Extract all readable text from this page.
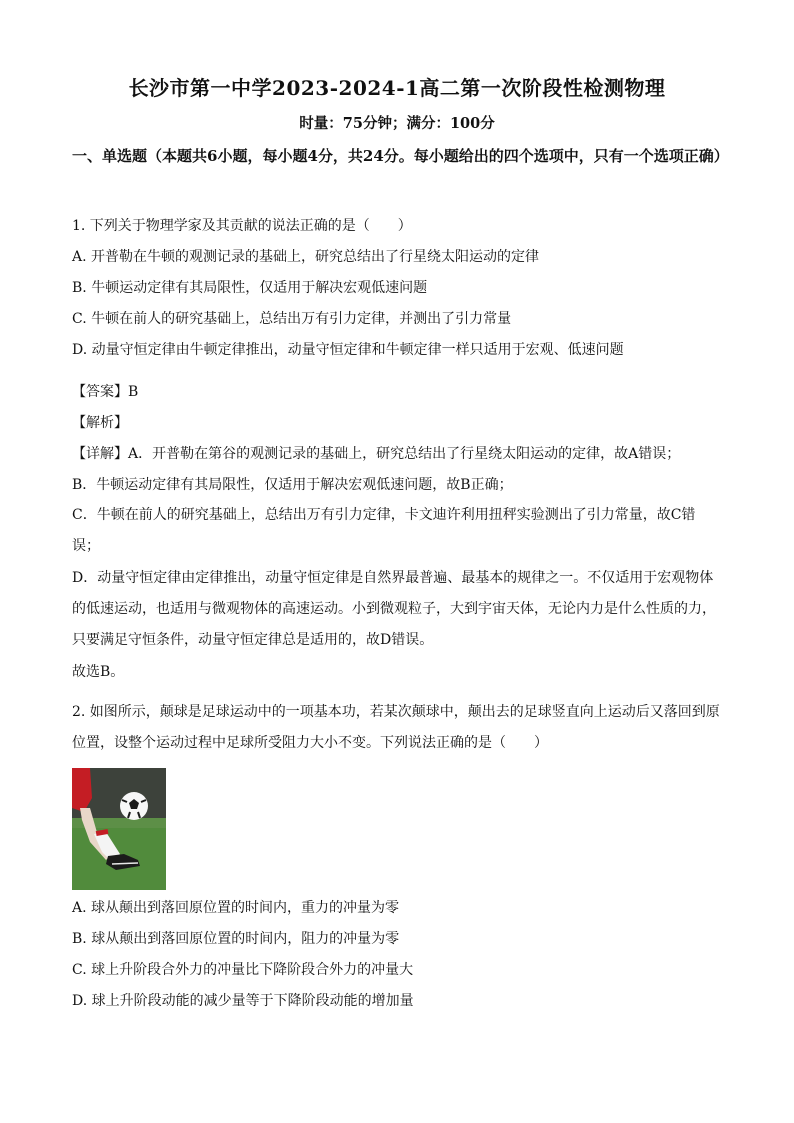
长沙市第一中学2023-2024-1高二第一次阶段性检测物理
时量：75分钟；满分：100分
一、单选题（本题共6小题，每小题4分，共24分。每小题给出的四个选项中，只有一个选项正确）
1. 下列关于物理学家及其贡献的说法正确的是（　　）
A. 开普勒在牛顿的观测记录的基础上，研究总结出了行星绕太阳运动的定律
B. 牛顿运动定律有其局限性，仅适用于解决宏观低速问题
C. 牛顿在前人的研究基础上，总结出万有引力定律，并测出了引力常量
D. 动量守恒定律由牛顿定律推出，动量守恒定律和牛顿定律一样只适用于宏观、低速问题
【答案】B
【解析】
【详解】A．开普勒在第谷的观测记录的基础上，研究总结出了行星绕太阳运动的定律，故A错误；
B．牛顿运动定律有其局限性，仅适用于解决宏观低速问题，故B正确；
C．牛顿在前人的研究基础上，总结出万有引力定律，卡文迪许利用扭秤实验测出了引力常量，故C错误；
D．动量守恒定律由定律推出，动量守恒定律是自然界最普遍、最基本的规律之一。不仅适用于宏观物体的低速运动，也适用与微观物体的高速运动。小到微观粒子，大到宇宙天体，无论内力是什么性质的力，只要满足守恒条件，动量守恒定律总是适用的，故D错误。
故选B。
2. 如图所示，颠球是足球运动中的一项基本功，若某次颠球中，颠出去的足球竖直向上运动后又落回到原位置，设整个运动过程中足球所受阻力大小不变。下列说法正确的是（　　）
A. 球从颠出到落回原位置的时间内，重力的冲量为零
B. 球从颠出到落回原位置的时间内，阻力的冲量为零
C. 球上升阶段合外力的冲量比下降阶段合外力的冲量大
D. 球上升阶段动能的减少量等于下降阶段动能的增加量
